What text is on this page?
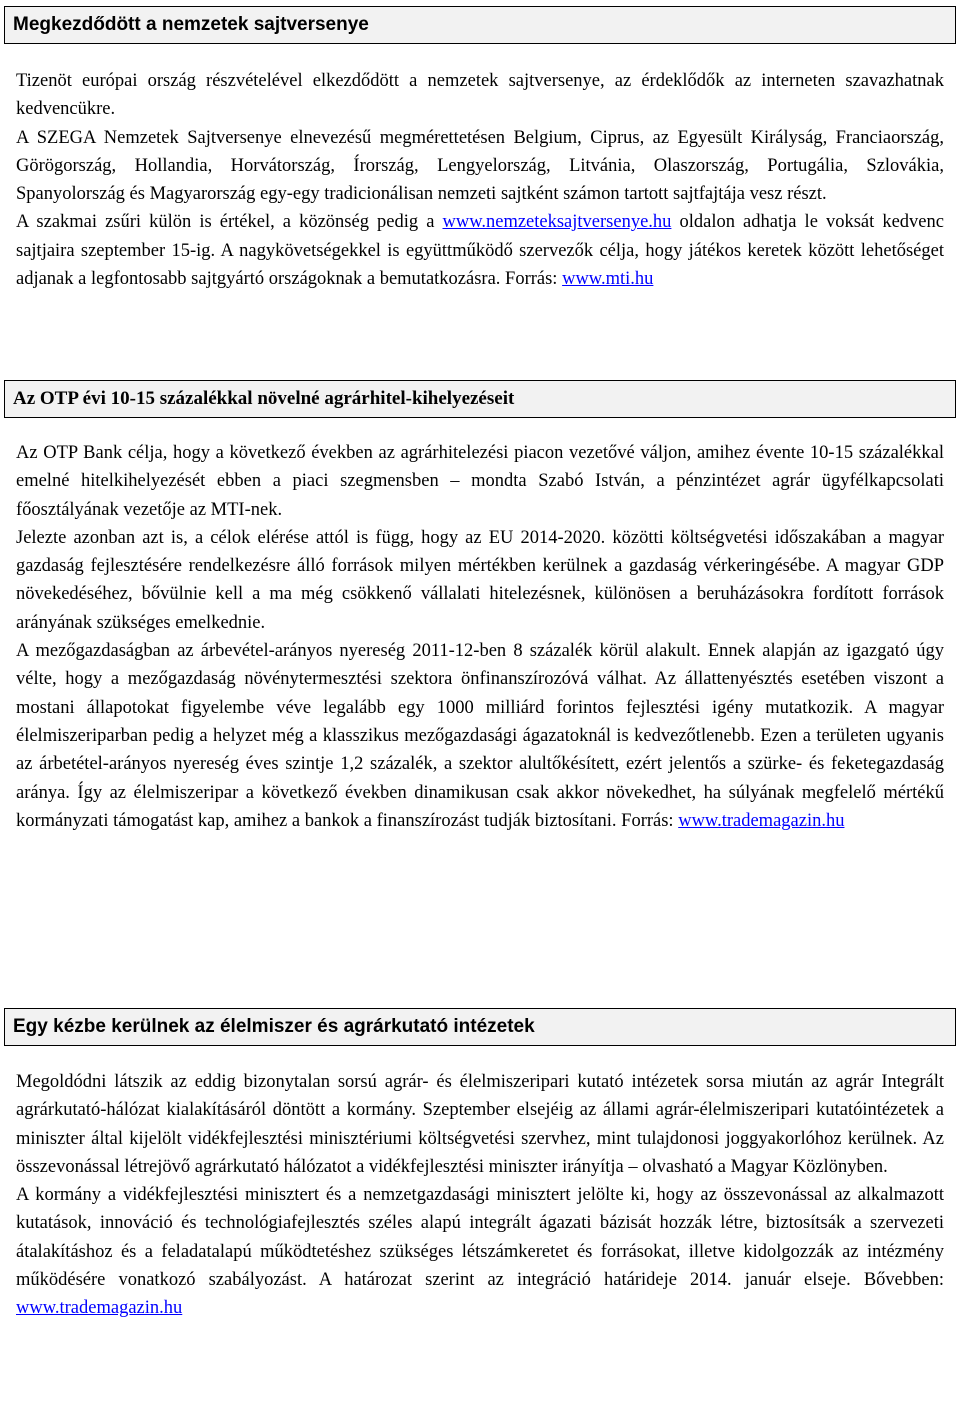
Megkezdődött a nemzetek sajtversenye

Tizenöt európai ország részvételével elkezdődött a nemzetek sajtversenye, az érdeklődők az interneten szavazhatnak kedvencükre.

A SZEGA Nemzetek Sajtversenye elnevezésű megmérettetésen Belgium, Ciprus, az Egyesült Királyság, Franciaország, Görögország, Hollandia, Horvátország, Írország, Lengyelország, Litvánia, Olaszország, Portugália, Szlovákia, Spanyolország és Magyarország egy-egy tradicionálisan nemzeti sajtként számon tartott sajtfajtája vesz részt.

A szakmai zsűri külön is értékel, a közönség pedig a www.nemzeteksajtversenye.hu oldalon adhatja le voksát kedvenc sajtjaira szeptember 15-ig. A nagykövetségekkel is együttműködő szervezők célja, hogy játékos keretek között lehetőséget adjanak a legfontosabb sajtgyártó országoknak a bemutatkozásra. Forrás: www.mti.hu

Az OTP évi 10-15 százalékkal növelné agrárhitel-kihelyezéseit

Az OTP Bank célja, hogy a következő években az agrárhitelezési piacon vezetővé váljon, amihez évente 10-15 százalékkal emelné hitelkihelyezését ebben a piaci szegmensben – mondta Szabó István, a pénzintézet agrár ügyfélkapcsolati főosztályának vezetője az MTI-nek.

Jelezte azonban azt is, a célok elérése attól is függ, hogy az EU 2014-2020. közötti költségvetési időszakában a magyar gazdaság fejlesztésére rendelkezésre álló források milyen mértékben kerülnek a gazdaság vérkeringésébe. A magyar GDP növekedéséhez, bővülnie kell a ma még csökkenő vállalati hitelezésnek, különösen a beruházásokra fordított források arányának szükséges emelkednie.

A mezőgazdaságban az árbevétel-arányos nyereség 2011-12-ben 8 százalék körül alakult. Ennek alapján az igazgató úgy vélte, hogy a mezőgazdaság növénytermesztési szektora önfinanszírozóvá válhat. Az állattenyésztés esetében viszont a mostani állapotokat figyelembe véve legalább egy 1000 milliárd forintos fejlesztési igény mutatkozik. A magyar élelmiszeriparban pedig a helyzet még a klasszikus mezőgazdasági ágazatoknál is kedvezőtlenebb. Ezen a területen ugyanis az árbetétel-arányos nyereség éves szintje 1,2 százalék, a szektor alultőkésített, ezért jelentős a szürke- és feketegazdaság aránya. Így az élelmiszeripar a következő években dinamikusan csak akkor növekedhet, ha súlyának megfelelő mértékű kormányzati támogatást kap, amihez a bankok a finanszírozást tudják biztosítani. Forrás: www.trademagazin.hu

Egy kézbe kerülnek az élelmiszer és agrárkutató intézetek

Megoldódni látszik az eddig bizonytalan sorsú agrár- és élelmiszeripari kutató intézetek sorsa miután az agrár Integrált agrárkutató-hálózat kialakításáról döntött a kormány. Szeptember elsejéig az állami agrár-élelmiszeripari kutatóintézetek a miniszter által kijelölt vidékfejlesztési minisztériumi költségvetési szervhez, mint tulajdonosi joggyakorlóhoz kerülnek. Az összevonással létrejövő agrárkutató hálózatot a vidékfejlesztési miniszter irányítja – olvasható a Magyar Közlönyben.

A kormány a vidékfejlesztési minisztert és a nemzetgazdasági minisztert jelölte ki, hogy az összevonással az alkalmazott kutatások, innováció és technológiafejlesztés széles alapú integrált ágazati bázisát hozzák létre, biztosítsák a szervezeti átalakításhoz és a feladatalapú működtetéshez szükséges létszámkeretet és forrásokat, illetve kidolgozzák az intézmény működésére vonatkozó szabályozást. A határozat szerint az integráció határideje 2014. január elseje. Bővebben: www.trademagazin.hu
